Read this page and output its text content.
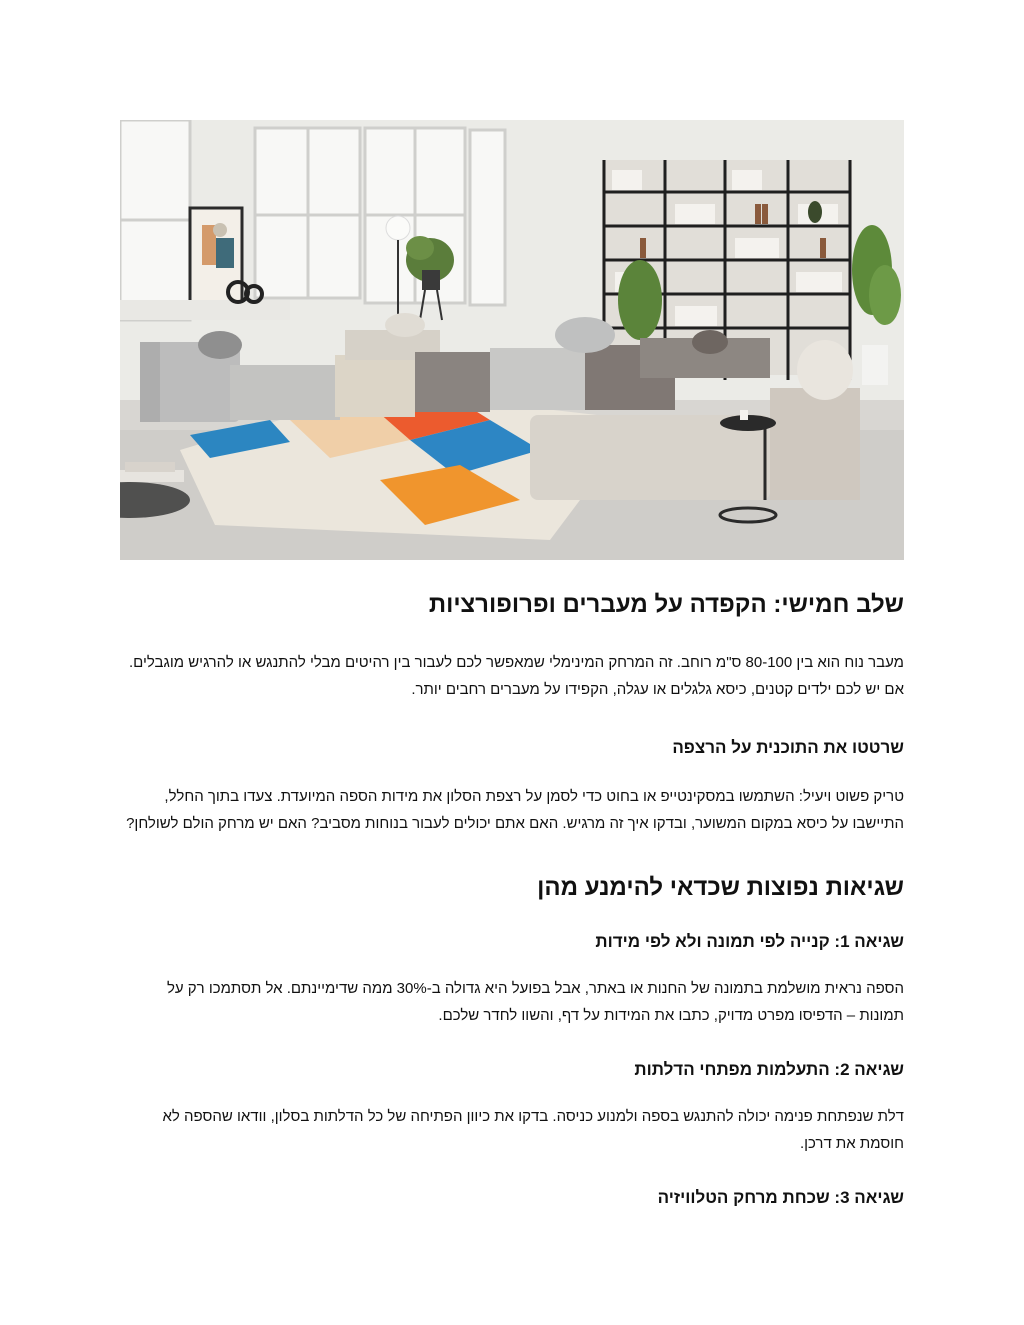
שלב חמישי: הקפדה על מעברים ופרופורציות

מעבר נוח הוא בין 80-100 ס"מ רוחב. זה המרחק המינימלי שמאפשר לכם לעבור בין רהיטים מבלי להתנגש או להרגיש מוגבלים. אם יש לכם ילדים קטנים, כיסא גלגלים או עגלה, הקפידו על מעברים רחבים יותר.

שרטטו את התוכנית על הרצפה

טריק פשוט ויעיל: השתמשו במסקינטייפ או בחוט כדי לסמן על רצפת הסלון את מידות הספה המיועדת. צעדו בתוך החלל, התיישבו על כיסא במקום המשוער, ובדקו איך זה מרגיש. האם אתם יכולים לעבור בנוחות מסביב? האם יש מרחק הולם לשולחן?

שגיאות נפוצות שכדאי להימנע מהן
שגיאה 1: קנייה לפי תמונה ולא לפי מידות

הספה נראית מושלמת בתמונה של החנות או באתר, אבל בפועל היא גדולה ב-30% ממה שדימיינתם. אל תסתמכו רק על תמונות – הדפיסו מפרט מדויק, כתבו את המידות על דף, והשוו לחדר שלכם.

שגיאה 2: התעלמות מפתחי הדלתות

דלת שנפתחת פנימה יכולה להתנגש בספה ולמנוע כניסה. בדקו את כיוון הפתיחה של כל הדלתות בסלון, וודאו שהספה לא חוסמת את דרכן.

שגיאה 3: שכחת מרחק הטלוויזיה
